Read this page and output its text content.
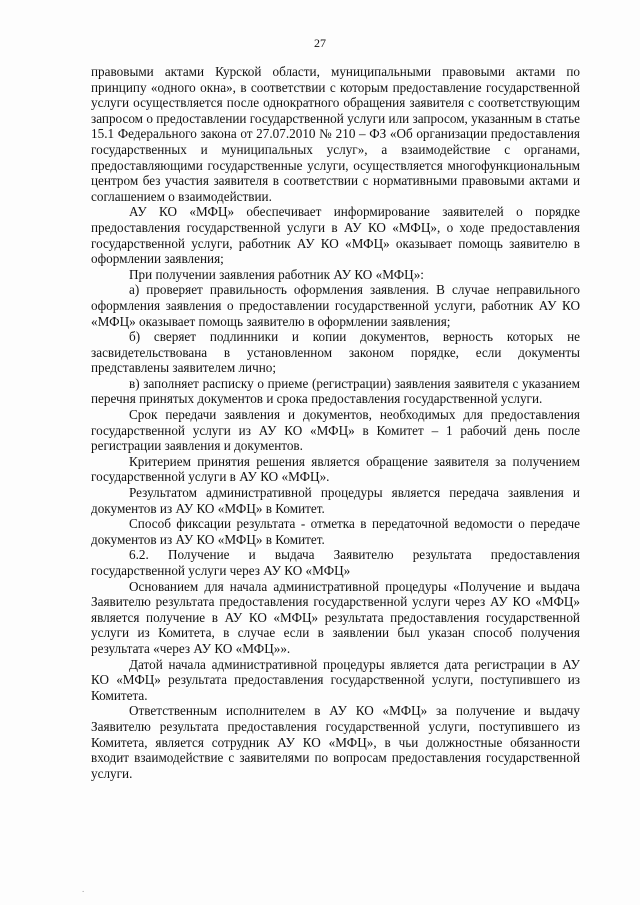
27

правовыми актами Курской области, муниципальными правовыми актами по принципу «одного окна», в соответствии с которым предоставление государственной услуги осуществляется после однократного обращения заявителя с соответствующим запросом о предоставлении государственной услуги или запросом, указанным в статье 15.1 Федерального закона от 27.07.2010 № 210 – ФЗ «Об организации предоставления государственных и муниципальных услуг», а взаимодействие с органами, предоставляющими государственные услуги, осуществляется многофункциональным центром без участия заявителя в соответствии с нормативными правовыми актами и соглашением о взаимодействии.

АУ КО «МФЦ» обеспечивает информирование заявителей о порядке предоставления государственной услуги в АУ КО «МФЦ», о ходе предоставления государственной услуги, работник АУ КО «МФЦ» оказывает помощь заявителю в оформлении заявления;

При получении заявления работник АУ КО «МФЦ»:

а) проверяет правильность оформления заявления. В случае неправильного оформления заявления о предоставлении государственной услуги, работник АУ КО «МФЦ» оказывает помощь заявителю в оформлении заявления;

б) сверяет подлинники и копии документов, верность которых не засвидетельствована в установленном законом порядке, если документы представлены заявителем лично;

в) заполняет расписку о приеме (регистрации) заявления заявителя с указанием перечня принятых документов и срока предоставления государственной услуги.

Срок передачи заявления и документов, необходимых для предоставления государственной услуги из АУ КО «МФЦ» в Комитет – 1 рабочий день после регистрации заявления и документов.

Критерием принятия решения является обращение заявителя за получением государственной услуги в АУ КО «МФЦ».

Результатом административной процедуры является передача заявления и документов из АУ КО «МФЦ» в Комитет.

Способ фиксации результата - отметка в передаточной ведомости о передаче документов из АУ КО «МФЦ» в Комитет.

6.2. Получение и выдача Заявителю результата предоставления государственной услуги через АУ КО «МФЦ»

Основанием для начала административной процедуры «Получение и выдача Заявителю результата предоставления государственной услуги через АУ КО «МФЦ» является получение в АУ КО «МФЦ» результата предоставления государственной услуги из Комитета, в случае если в заявлении был указан способ получения результата «через АУ КО «МФЦ»».

Датой начала административной процедуры является дата регистрации в АУ КО «МФЦ» результата предоставления государственной услуги, поступившего из Комитета.

Ответственным исполнителем в АУ КО «МФЦ» за получение и выдачу Заявителю результата предоставления государственной услуги, поступившего из Комитета, является сотрудник АУ КО «МФЦ», в чьи должностные обязанности входит взаимодействие с заявителями по вопросам предоставления государственной услуги.

.
